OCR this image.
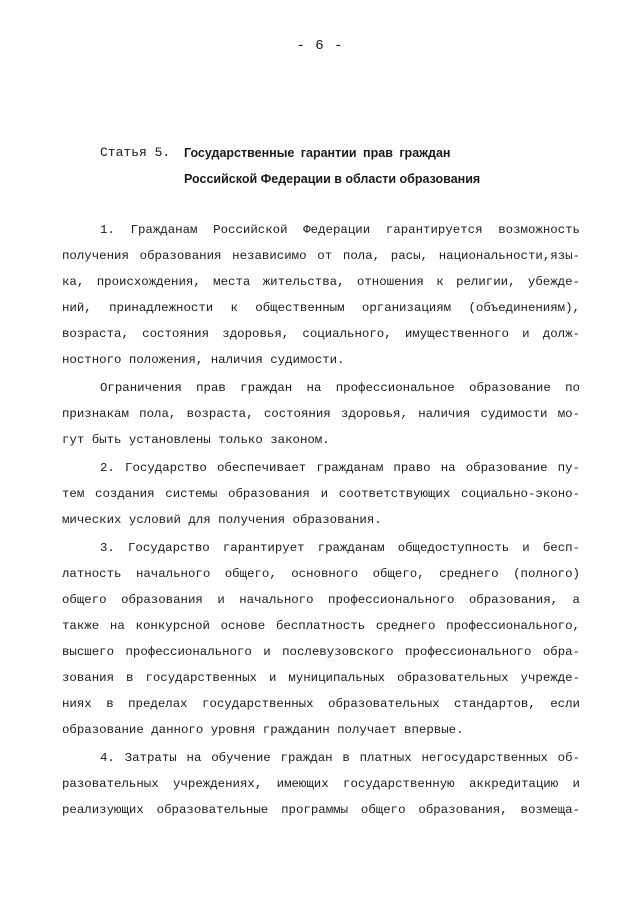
- 6 -
Статья 5.	Государственные гарантии прав граждан
Российской Федерации в области образования
1. Гражданам Российской Федерации гарантируется возможность
получения образования независимо от пола, расы, национальности,язы-
ка, происхождения, места жительства, отношения к религии, убежде-
ний, принадлежности к общественным организациям (объединениям),
возраста, состояния здоровья, социального, имущественного и долж-
ностного положения, наличия судимости.
Ограничения прав граждан на профессиональное образование по
признакам пола, возраста, состояния здоровья, наличия судимости мо-
гут быть установлены только законом.
2. Государство обеспечивает гражданам право на образование пу-
тем создания системы образования и соответствующих социально-эконо-
мических условий для получения образования.
3. Государство гарантирует гражданам общедоступность и бесп-
латность начального общего, основного общего, среднего (полного)
общего образования и начального профессионального образования, а
также на конкурсной основе бесплатность среднего профессионального,
высшего профессионального и послевузовского профессионального обра-
зования в государственных и муниципальных образовательных учрежде-
ниях в пределах государственных образовательных стандартов, если
образование данного уровня гражданин получает впервые.
4. Затраты на обучение граждан в платных негосударственных об-
разовательных учреждениях, имеющих государственную аккредитацию и
реализующих образовательные программы общего образования, возмеща-
